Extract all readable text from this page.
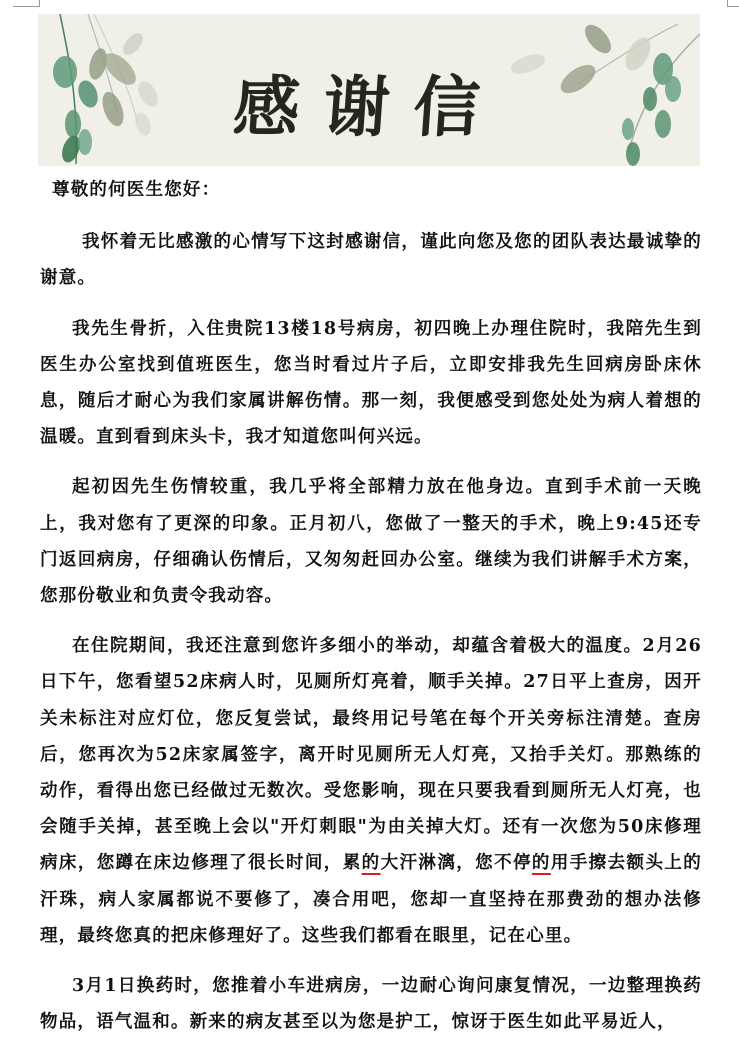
感谢信

尊敬的何医生您好：

我怀着无比感激的心情写下这封感谢信，谨此向您及您的团队表达最诚挚的谢意。

我先生骨折，入住贵院13楼18号病房，初四晚上办理住院时，我陪先生到医生办公室找到值班医生，您当时看过片子后，立即安排我先生回病房卧床休息，随后才耐心为我们家属讲解伤情。那一刻，我便感受到您处处为病人着想的温暖。直到看到床头卡，我才知道您叫何兴远。

起初因先生伤情较重，我几乎将全部精力放在他身边。直到手术前一天晚上，我对您有了更深的印象。正月初八，您做了一整天的手术，晚上9:45还专门返回病房，仔细确认伤情后，又匆匆赶回办公室。继续为我们讲解手术方案，您那份敬业和负责令我动容。

在住院期间，我还注意到您许多细小的举动，却蕴含着极大的温度。2月26日下午，您看望52床病人时，见厕所灯亮着，顺手关掉。27日平上查房，因开关未标注对应灯位，您反复尝试，最终用记号笔在每个开关旁标注清楚。查房后，您再次为52床家属签字，离开时见厕所无人灯亮，又抬手关灯。那熟练的动作，看得出您已经做过无数次。受您影响，现在只要我看到厕所无人灯亮，也会随手关掉，甚至晚上会以"开灯刺眼"为由关掉大灯。还有一次您为50床修理病床，您蹲在床边修理了很长时间，累的大汗淋漓，您不停的用手擦去额头上的汗珠，病人家属都说不要修了，凑合用吧，您却一直坚持在那费劲的想办法修理，最终您真的把床修理好了。这些我们都看在眼里，记在心里。

3月1日换药时，您推着小车进病房，一边耐心询问康复情况，一边整理换药物品，语气温和。新来的病友甚至以为您是护工，惊讶于医生如此平易近人，
